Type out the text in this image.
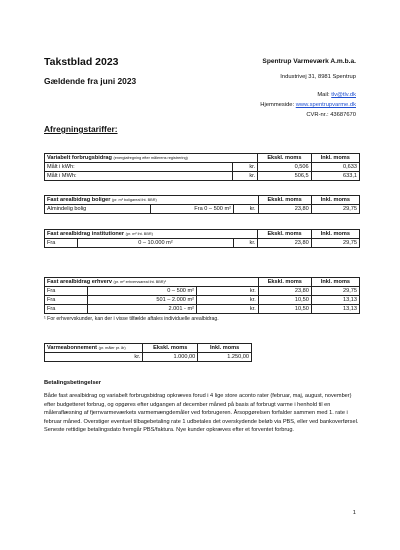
Takstblad 2023
Gældende fra juni 2023
Spentrup Varmeværk A.m.b.a.
Industrivej 31, 8981 Spentrup
Mail: tlv@tlv.dk
Hjemmeside: www.spentrupvarme.dk
CVR-nr.: 43687670
Afregningstariffer:
Variabelt forbrugsbidrag (energiafregning efter målerens registrering)		Ekskl. moms	Inkl. moms
Målt i kWh:	kr.	0,506	0,633
Målt i MWh:	kr.	506,5	633,1
Fast arealbidrag boliger (pr. m² boligareal iht. BBR)			Ekskl. moms	Inkl. moms
Almindelig bolig	Fra 0 – 500 m²	kr.	23,80	29,75
Fast arealbidrag institutioner (pr. m² iht. BBR)			Ekskl. moms	Inkl. moms
Fra	0 – 10.000 m²	kr.	23,80	29,75
Fast arealbidrag erhverv (pr. m² erhvervsareal iht. BBR)¹			Ekskl. moms	Inkl. moms
Fra	0 – 500 m²	kr.	23,80	29,75
Fra	501 – 2.000 m²	kr.	10,50	13,13
Fra	2.001 - m²	kr.	10,50	13,13
¹ For erhvervskunder, kan der i visse tilfælde aftales individuelle arealbidrag.
Varmeabonnement (pr. måler pr. år)	Ekskl. moms	Inkl. moms
kr.	1.000,00	1.250,00
Betalingsbetingelser
Både fast arealbidrag og variabelt forbrugsbidrag opkræves forud i 4 lige store aconto rater (februar, maj, august, november) efter budgetteret forbrug, og opgøres efter udgangen af december måned på basis af forbrugt varme i henhold til en måleraflæsning af fjernvarmeværkets varmemængdemåler ved forbrugeren. Årsopgørelsen forfalder sammen med 1. rate i februar måned. Overstiger eventuel tilbagebetaling rate 1 udbetales det overskydende beløb via PBS, eller ved bankoverførsel. Seneste rettidige betalingsdato fremgår PBS/faktura. Nye kunder opkræves efter et forventet forbrug.
1
